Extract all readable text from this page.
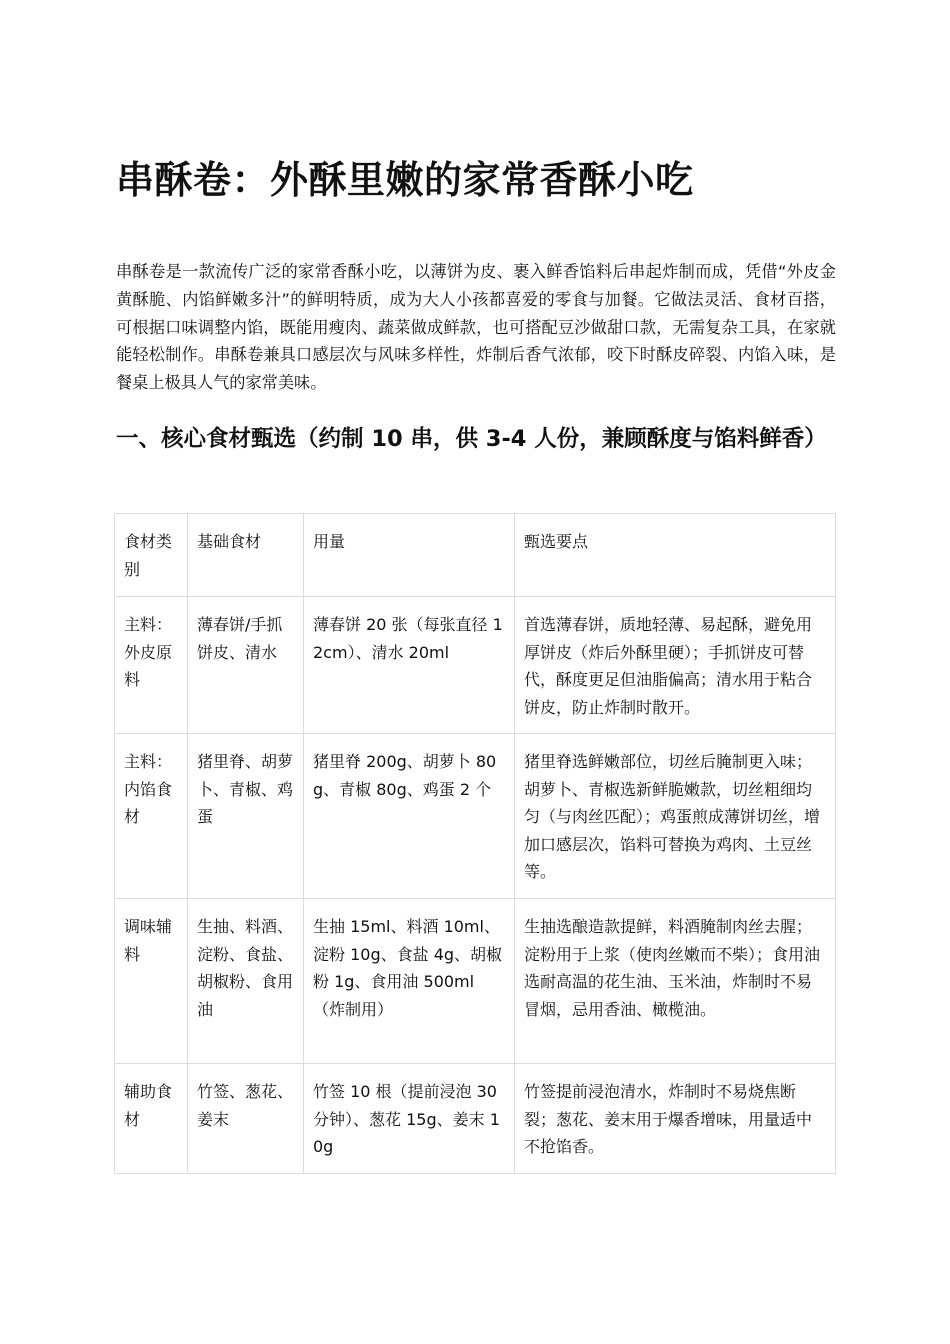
串酥卷：外酥里嫩的家常香酥小吃

串酥卷是一款流传广泛的家常香酥小吃，以薄饼为皮、裹入鲜香馅料后串起炸制而成，凭借“外皮金黄酥脆、内馅鲜嫩多汁”的鲜明特质，成为大人小孩都喜爱的零食与加餐。它做法灵活、食材百搭，可根据口味调整内馅，既能用瘦肉、蔬菜做成鲜款，也可搭配豆沙做甜口款，无需复杂工具，在家就能轻松制作。串酥卷兼具口感层次与风味多样性，炸制后香气浓郁，咬下时酥皮碎裂、内馅入味，是餐桌上极具人气的家常美味。

一、核心食材甄选（约制 10 串，供 3-4 人份，兼顾酥度与馅料鲜香）
食材类别	基础食材	用量	甄选要点
主料：外皮原料	薄春饼/手抓饼皮、清水	薄春饼 20 张（每张直径 12cm）、清水 20ml	首选薄春饼，质地轻薄、易起酥，避免用厚饼皮（炸后外酥里硬）；手抓饼皮可替代，酥度更足但油脂偏高；清水用于粘合饼皮，防止炸制时散开。
主料：内馅食材	猪里脊、胡萝卜、青椒、鸡蛋	猪里脊 200g、胡萝卜 80g、青椒 80g、鸡蛋 2 个	猪里脊选鲜嫩部位，切丝后腌制更入味；胡萝卜、青椒选新鲜脆嫩款，切丝粗细均匀（与肉丝匹配）；鸡蛋煎成薄饼切丝，增加口感层次，馅料可替换为鸡肉、土豆丝等。
调味辅料	生抽、料酒、淀粉、食盐、胡椒粉、食用油	生抽 15ml、料酒 10ml、淀粉 10g、食盐 4g、胡椒粉 1g、食用油 500ml（炸制用）	生抽选酿造款提鲜，料酒腌制肉丝去腥；淀粉用于上浆（使肉丝嫩而不柴）；食用油选耐高温的花生油、玉米油，炸制时不易冒烟，忌用香油、橄榄油。
辅助食材	竹签、葱花、姜末	竹签 10 根（提前浸泡 30 分钟）、葱花 15g、姜末 10g	竹签提前浸泡清水，炸制时不易烧焦断裂；葱花、姜末用于爆香增味，用量适中不抢馅香。
